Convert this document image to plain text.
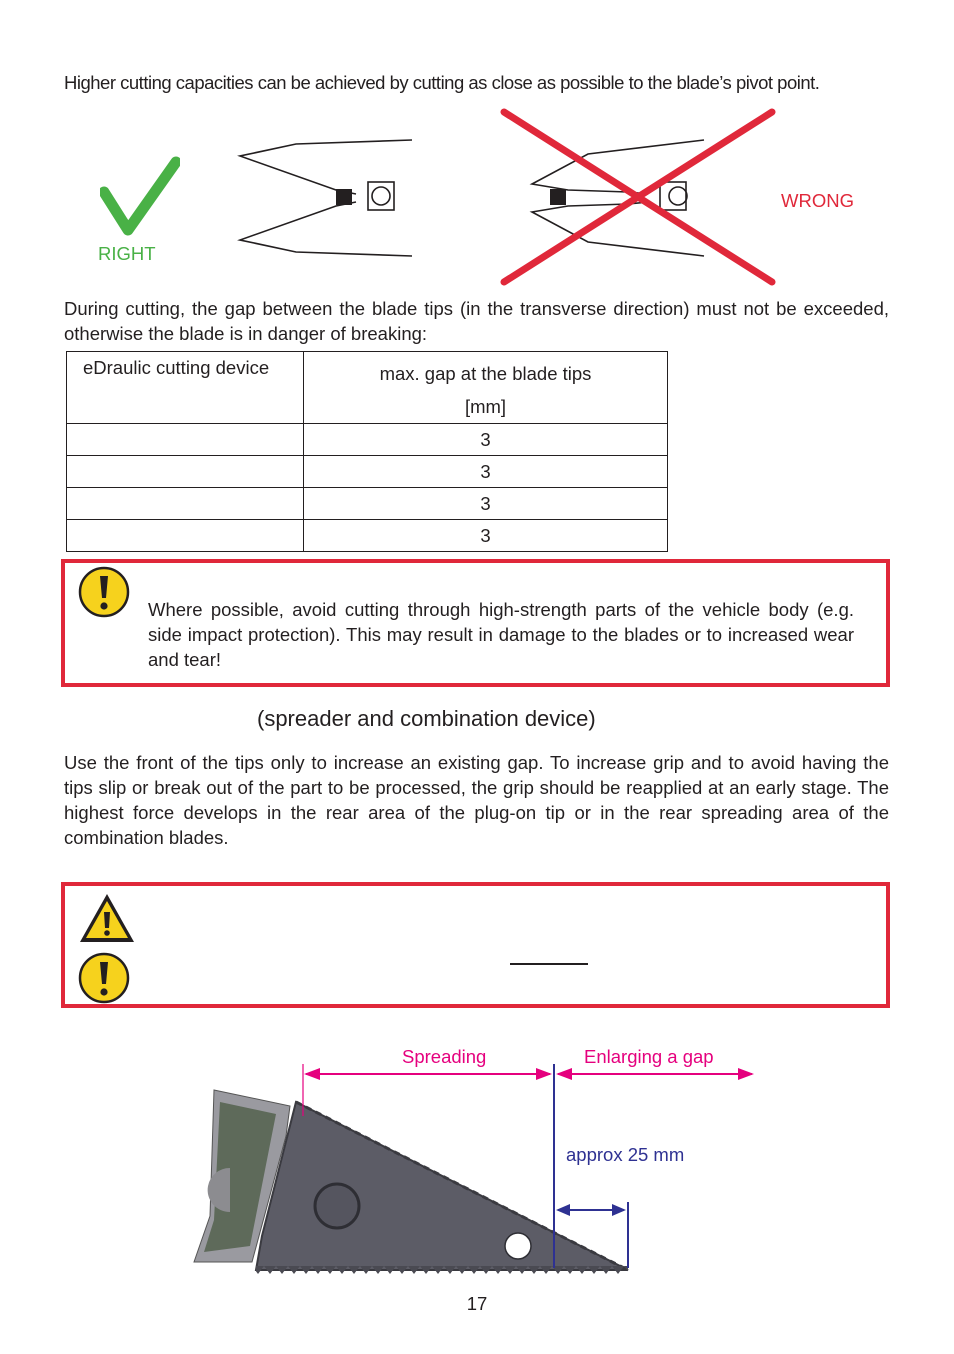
Higher cutting capacities can be achieved by cutting as close as possible to the blade’s pivot point.
RIGHT
WRONG
During cutting, the gap between the blade tips (in the transverse direction) must not be exceeded, otherwise the blade is in danger of breaking:
eDraulic cutting device	max. gap at the blade tips
[mm]

	3
	3
	3
	3
Where possible, avoid cutting through high-strength parts of the vehicle body (e.g. side impact protection). This may result in damage to the blades or to increased wear and tear!
(spreader and combination device)
Use the front of the tips only to increase an existing gap. To increase grip and to avoid having the tips slip or break out of the part to be processed, the grip should be reapplied at an early stage. The highest force develops in the rear area of the plug-on tip or in the rear spreading area of the combination blades.
Spreading	Enlarging a gap
approx 25 mm
17
